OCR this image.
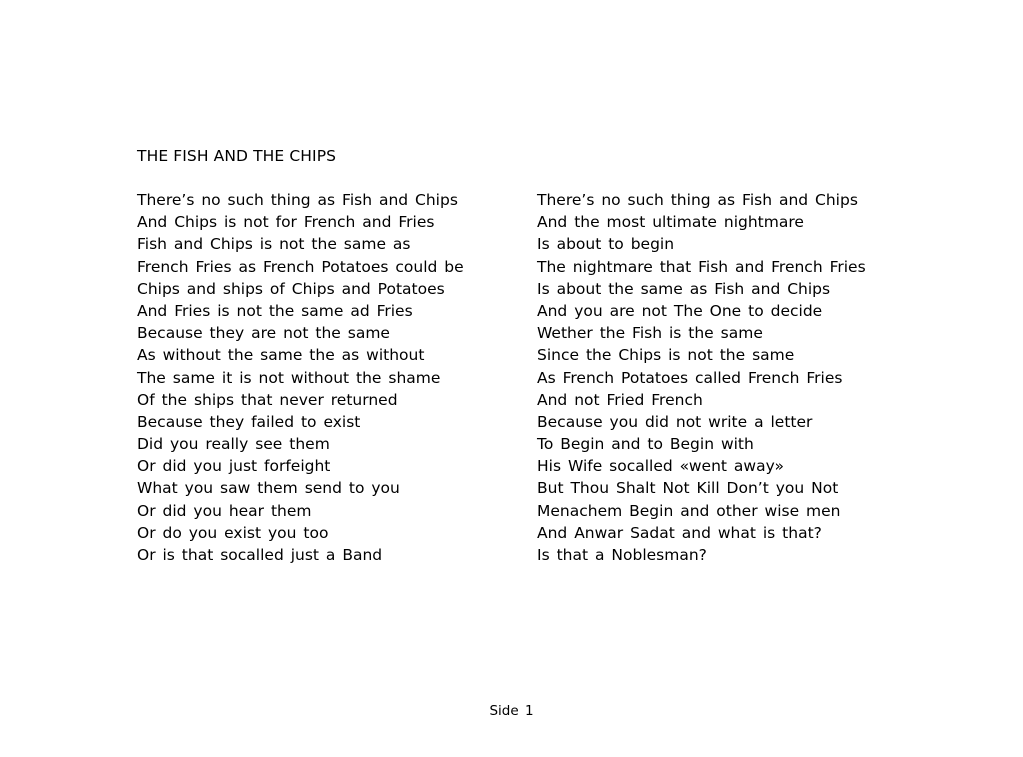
THE FISH AND THE CHIPS
There’s no such thing as Fish and Chips
And Chips is not for French and Fries
Fish and Chips is not the same as
French Fries as French Potatoes could be
Chips and ships of Chips and Potatoes
And Fries is not the same ad Fries
Because they are not the same
As without the same the as without
The same it is not without the shame
Of the ships that never returned
Because they failed to exist
Did you really see them
Or did you just forfeight
What you saw them send to you
Or did you hear them
Or do you exist you too
Or is that socalled just a Band
There’s no such thing as Fish and Chips
And the most ultimate nightmare
Is about to begin
The nightmare that Fish and French Fries
Is about the same as Fish and Chips
And you are not The One to decide
Wether the Fish is the same
Since the Chips is not the same
As French Potatoes called French Fries
And not Fried French
Because you did not write a letter
To Begin and to Begin with
His Wife socalled «went away»
But Thou Shalt Not Kill Don’t you Not
Menachem Begin and other wise men
And Anwar Sadat and what is that?
Is that a Noblesman?
Side 1
